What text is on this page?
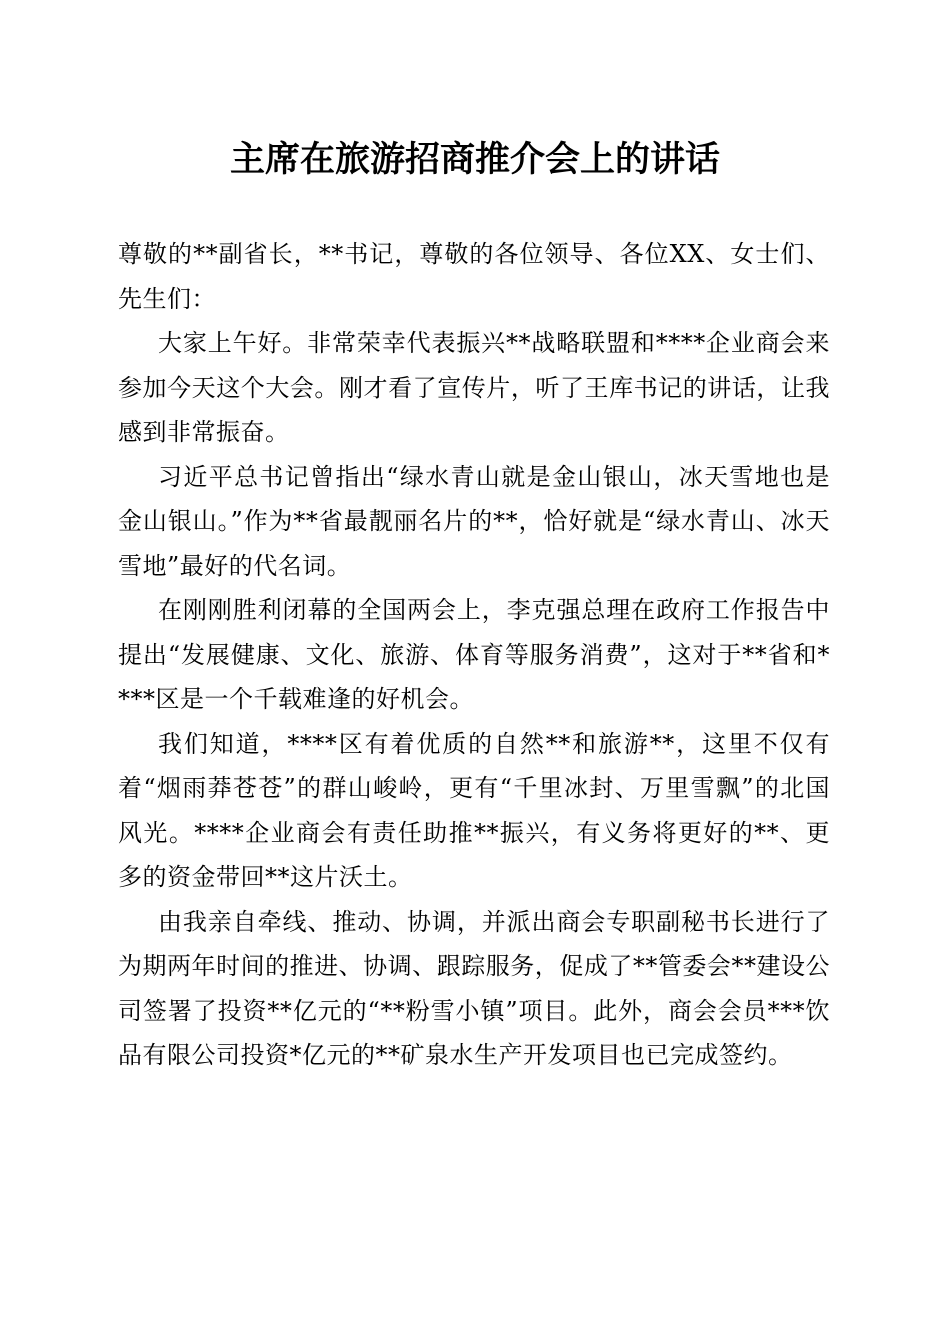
主席在旅游招商推介会上的讲话

尊敬的**副省长，**书记，尊敬的各位领导、各位XX、女士们、先生们：

大家上午好。非常荣幸代表振兴**战略联盟和****企业商会来参加今天这个大会。刚才看了宣传片，听了王库书记的讲话，让我感到非常振奋。

习近平总书记曾指出“绿水青山就是金山银山，冰天雪地也是金山银山。”作为**省最靓丽名片的**，恰好就是“绿水青山、冰天雪地”最好的代名词。

在刚刚胜利闭幕的全国两会上，李克强总理在政府工作报告中提出“发展健康、文化、旅游、体育等服务消费”，这对于**省和****区是一个千载难逢的好机会。

我们知道，****区有着优质的自然**和旅游**，这里不仅有着“烟雨莽苍苍”的群山峻岭，更有“千里冰封、万里雪飘”的北国风光。****企业商会有责任助推**振兴，有义务将更好的**、更多的资金带回**这片沃土。

由我亲自牵线、推动、协调，并派出商会专职副秘书长进行了为期两年时间的推进、协调、跟踪服务，促成了**管委会**建设公司签署了投资**亿元的“**粉雪小镇”项目。此外，商会会员***饮品有限公司投资*亿元的**矿泉水生产开发项目也已完成签约。
